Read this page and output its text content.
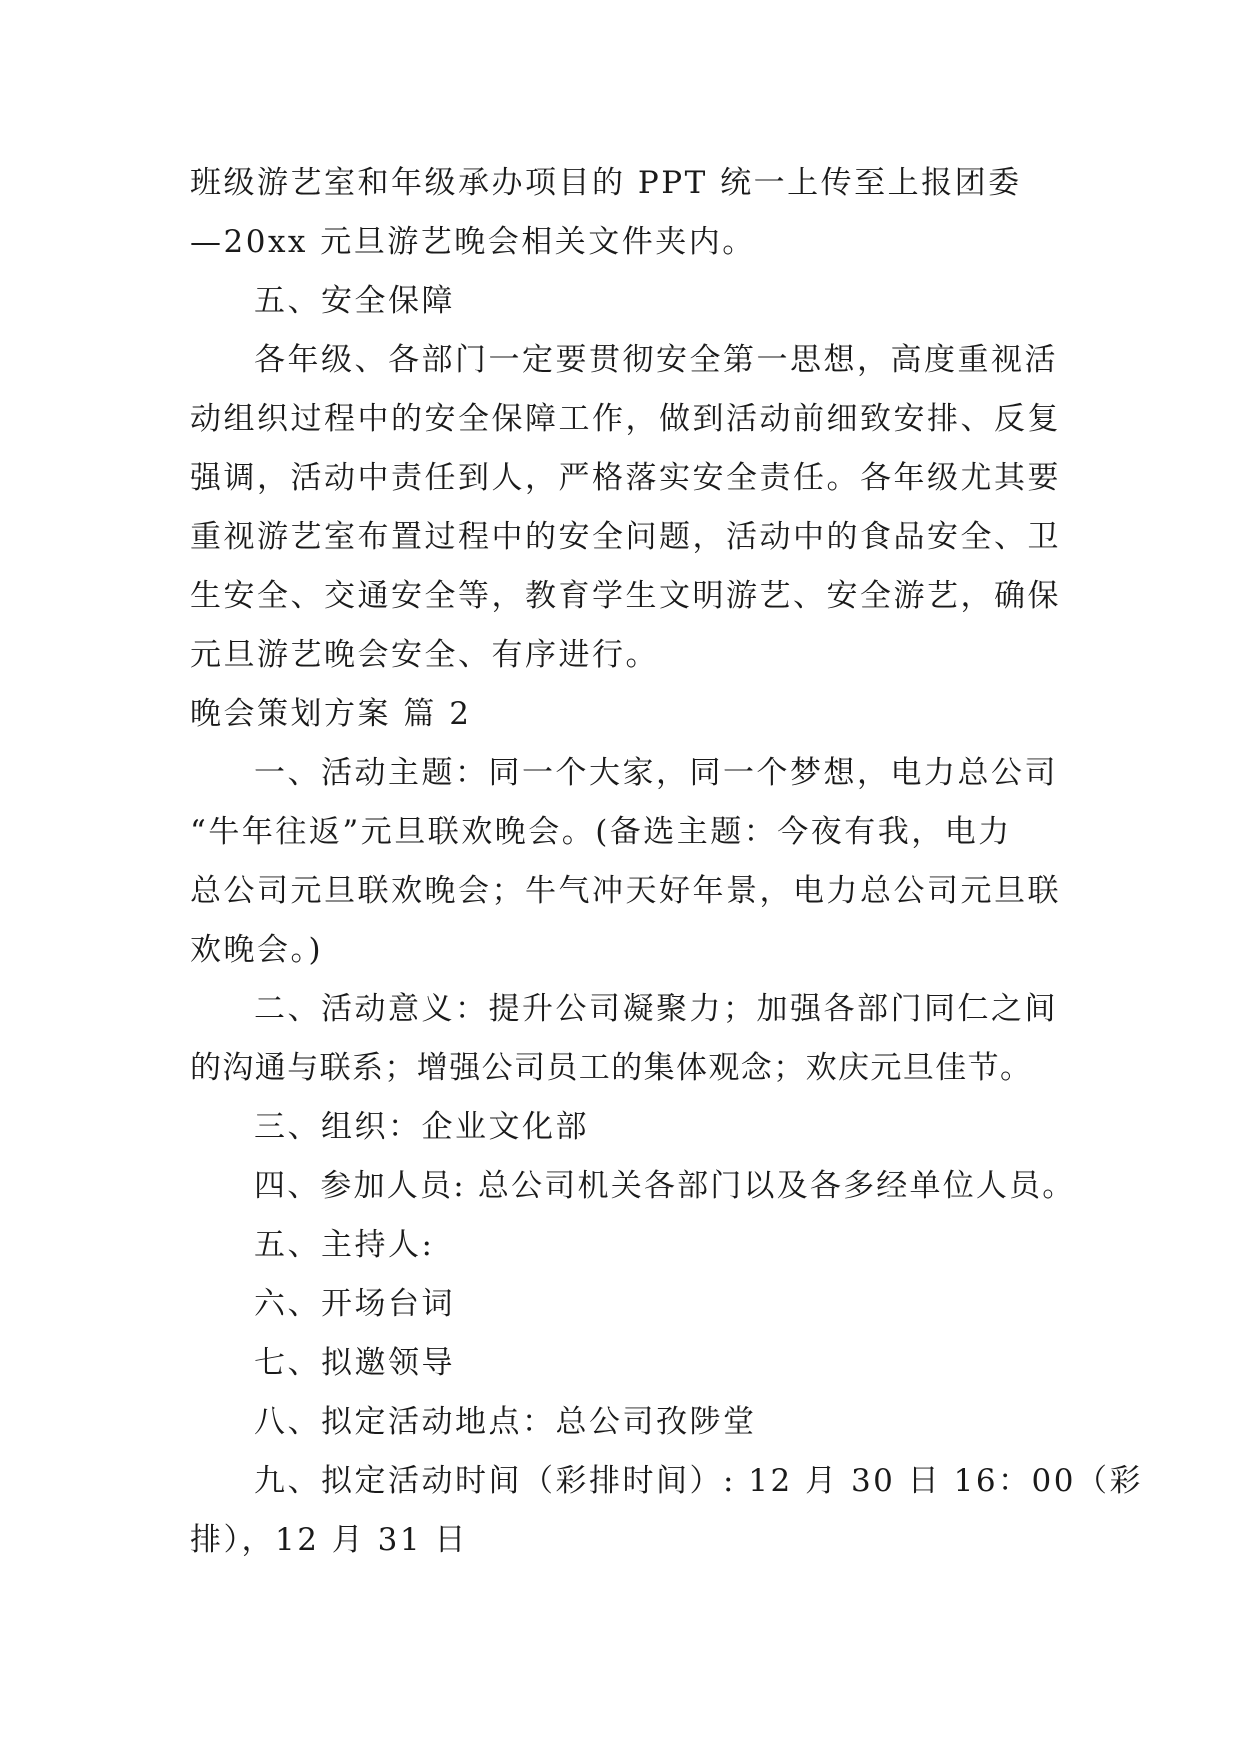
班级游艺室和年级承办项目的 PPT 统一上传至上报团委
—20xx 元旦游艺晚会相关文件夹内。
五、安全保障
各年级、各部门一定要贯彻安全第一思想，高度重视活
动组织过程中的安全保障工作，做到活动前细致安排、反复
强调，活动中责任到人，严格落实安全责任。各年级尤其要
重视游艺室布置过程中的安全问题，活动中的食品安全、卫
生安全、交通安全等，教育学生文明游艺、安全游艺，确保
元旦游艺晚会安全、有序进行。
晚会策划方案 篇 2
一、活动主题：同一个大家，同一个梦想，电力总公司
“牛年往返”元旦联欢晚会。(备选主题：今夜有我，电力
总公司元旦联欢晚会；牛气冲天好年景，电力总公司元旦联
欢晚会。)
二、活动意义：提升公司凝聚力；加强各部门同仁之间
的沟通与联系；增强公司员工的集体观念；欢庆元旦佳节。
三、组织：企业文化部
四、参加人员: 总公司机关各部门以及各多经单位人员。
五、主持人:
六、开场台词
七、拟邀领导
八、拟定活动地点：总公司孜陟堂
九、拟定活动时间（彩排时间）: 12 月 30 日 16：00（彩
排），12 月 31 日
